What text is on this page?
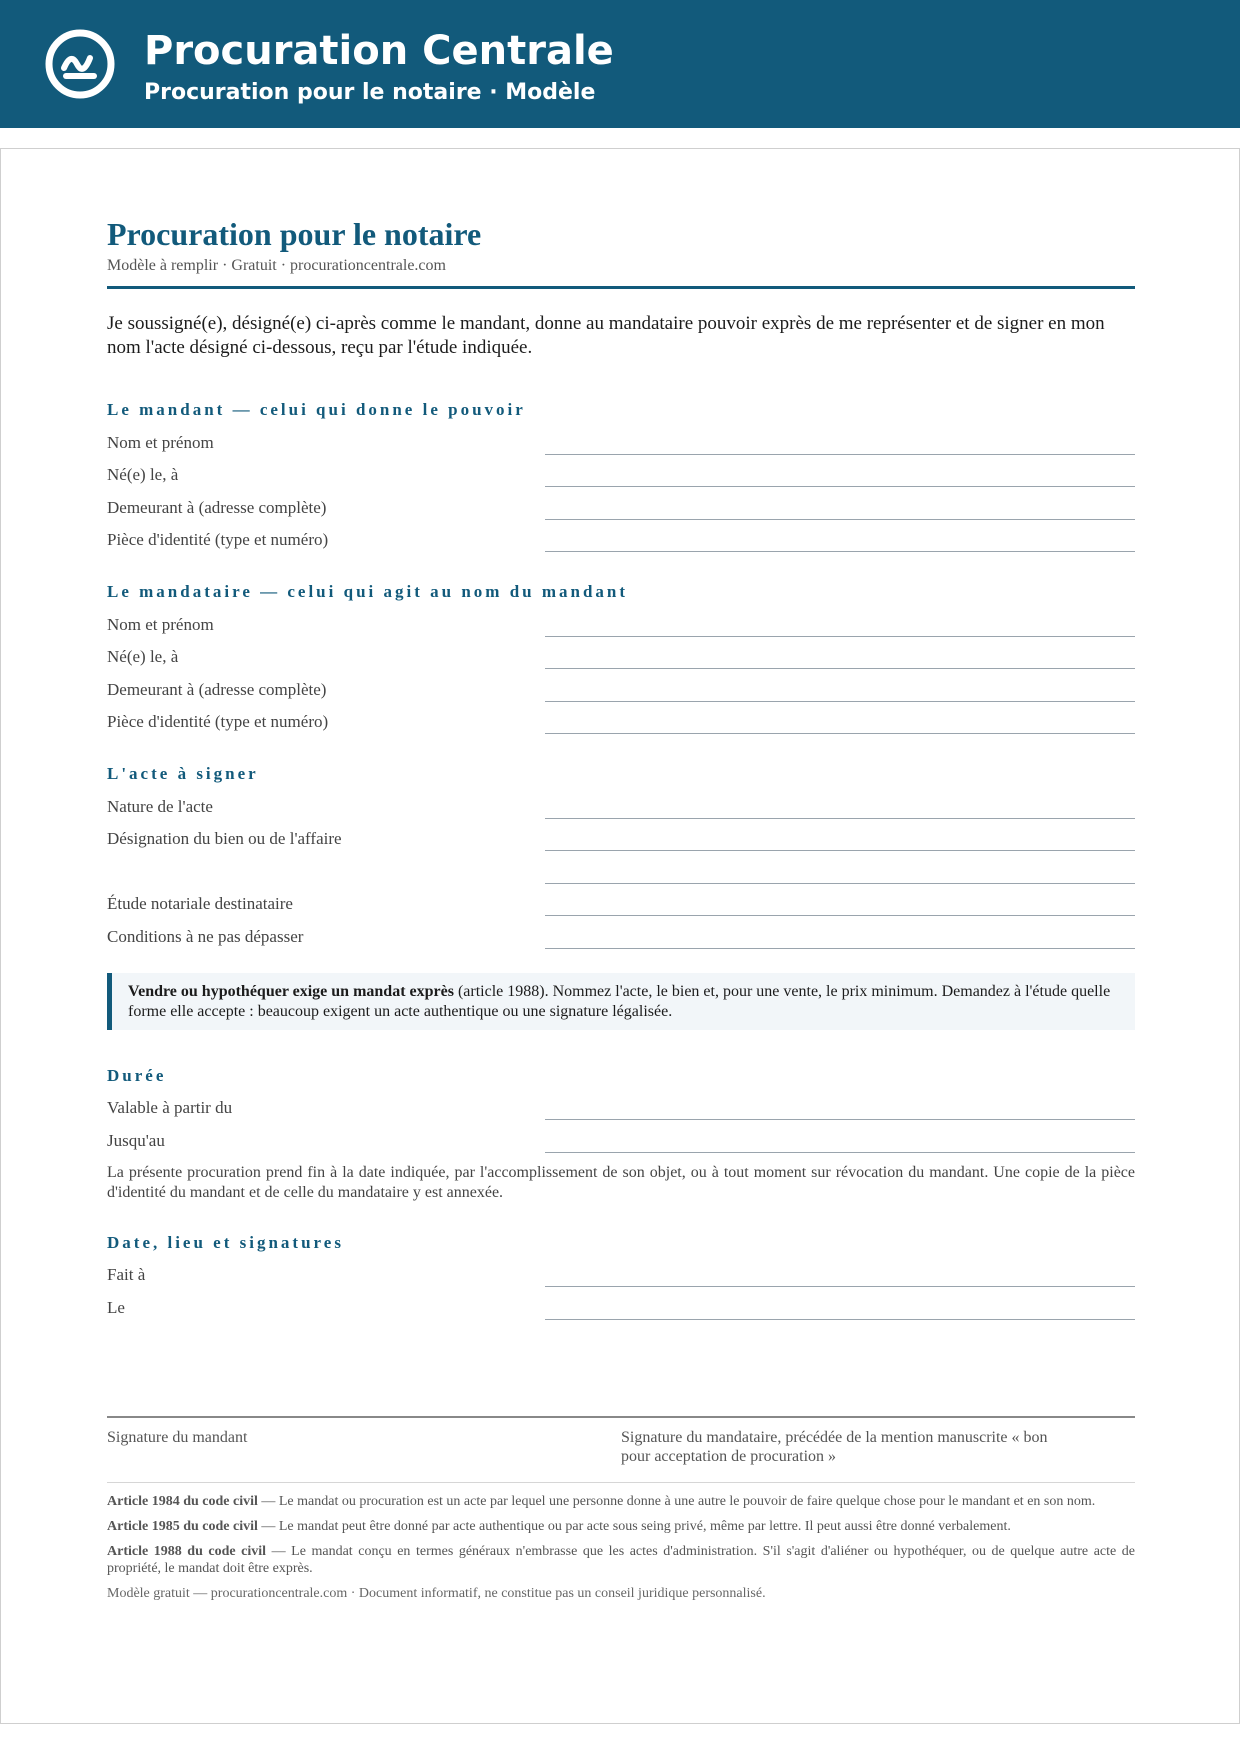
Procuration Centrale
Procuration pour le notaire · Modèle
Procuration pour le notaire
Modèle à remplir · Gratuit · procurationcentrale.com
Je soussigné(e), désigné(e) ci-après comme le mandant, donne au mandataire pouvoir exprès de me représenter et de signer en mon nom l'acte désigné ci-dessous, reçu par l'étude indiquée.
Le mandant — celui qui donne le pouvoir
Nom et prénom
Né(e) le, à
Demeurant à (adresse complète)
Pièce d'identité (type et numéro)
Le mandataire — celui qui agit au nom du mandant
Nom et prénom
Né(e) le, à
Demeurant à (adresse complète)
Pièce d'identité (type et numéro)
L'acte à signer
Nature de l'acte
Désignation du bien ou de l'affaire
Étude notariale destinataire
Conditions à ne pas dépasser
Vendre ou hypothéquer exige un mandat exprès (article 1988). Nommez l'acte, le bien et, pour une vente, le prix minimum. Demandez à l'étude quelle forme elle accepte : beaucoup exigent un acte authentique ou une signature légalisée.
Durée
Valable à partir du
Jusqu'au
La présente procuration prend fin à la date indiquée, par l'accomplissement de son objet, ou à tout moment sur révocation du mandant. Une copie de la pièce d'identité du mandant et de celle du mandataire y est annexée.
Date, lieu et signatures
Fait à
Le
Signature du mandant	Signature du mandataire, précédée de la mention manuscrite « bon pour acceptation de procuration »
Article 1984 du code civil — Le mandat ou procuration est un acte par lequel une personne donne à une autre le pouvoir de faire quelque chose pour le mandant et en son nom.
Article 1985 du code civil — Le mandat peut être donné par acte authentique ou par acte sous seing privé, même par lettre. Il peut aussi être donné verbalement.
Article 1988 du code civil — Le mandat conçu en termes généraux n'embrasse que les actes d'administration. S'il s'agit d'aliéner ou hypothéquer, ou de quelque autre acte de propriété, le mandat doit être exprès.
Modèle gratuit — procurationcentrale.com · Document informatif, ne constitue pas un conseil juridique personnalisé.
